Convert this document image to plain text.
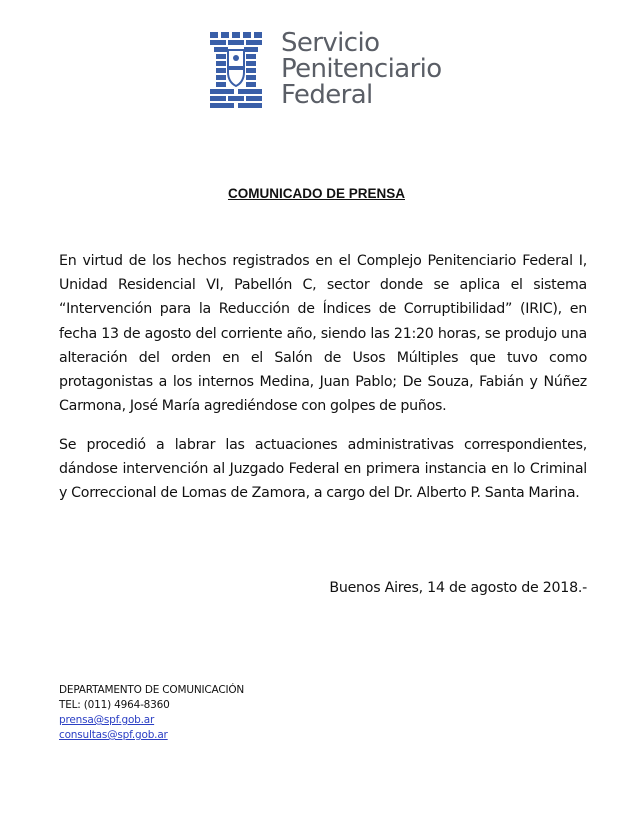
Servicio
Penitenciario
Federal
COMUNICADO DE PRENSA

En virtud de los hechos registrados en el Complejo Penitenciario Federal I, Unidad Residencial VI, Pabellón C, sector donde se aplica el sistema “Intervención para la Reducción de Índices de Corruptibilidad” (IRIC), en fecha 13 de agosto del corriente año, siendo las 21:20 horas, se produjo una alteración del orden en el Salón de Usos Múltiples que tuvo como protagonistas a los internos Medina, Juan Pablo; De Souza, Fabián y Núñez Carmona, José María agrediéndose con golpes de puños.

Se procedió a labrar las actuaciones administrativas correspondientes, dándose intervención al Juzgado Federal en primera instancia en lo Criminal y Correccional de Lomas de Zamora, a cargo del Dr. Alberto P. Santa Marina.

Buenos Aires, 14 de agosto de 2018.-
DEPARTAMENTO DE COMUNICACIÓN
TEL: (011) 4964-8360
prensa@spf.gob.ar
consultas@spf.gob.ar
